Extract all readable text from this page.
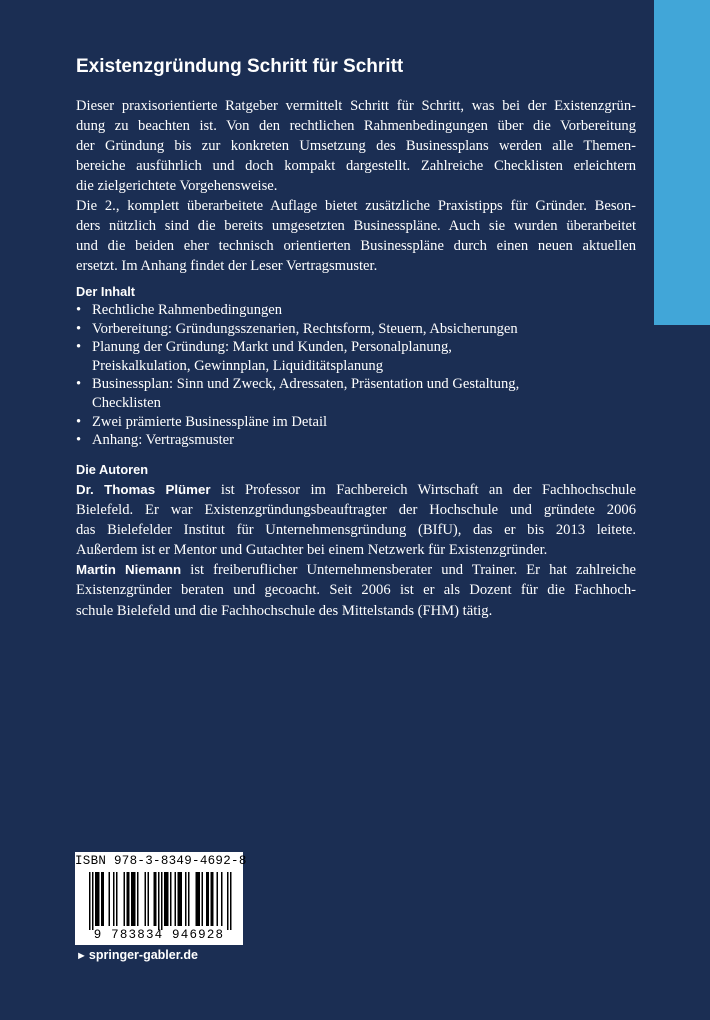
Existenzgründung Schritt für Schritt
Dieser praxisorientierte Ratgeber vermittelt Schritt für Schritt, was bei der Existenzgrün-
dung zu beachten ist. Von den rechtlichen Rahmenbedingungen über die Vorbereitung
der Gründung bis zur konkreten Umsetzung des Businessplans werden alle Themen-
bereiche ausführlich und doch kompakt dargestellt. Zahlreiche Checklisten erleichtern
die zielgerichtete Vorgehensweise.
Die 2., komplett überarbeitete Auflage bietet zusätzliche Praxistipps für Gründer. Beson-
ders nützlich sind die bereits umgesetzten Businesspläne. Auch sie wurden überarbeitet
und die beiden eher technisch orientierten Businesspläne durch einen neuen aktuellen
ersetzt. Im Anhang findet der Leser Vertragsmuster.
Der Inhalt
• Rechtliche Rahmenbedingungen
• Vorbereitung: Gründungsszenarien, Rechtsform, Steuern, Absicherungen
• Planung der Gründung: Markt und Kunden, Personalplanung,
Preiskalkulation, Gewinnplan, Liquiditätsplanung
• Businessplan: Sinn und Zweck, Adressaten, Präsentation und Gestaltung,
Checklisten
• Zwei prämierte Businesspläne im Detail
• Anhang: Vertragsmuster
Die Autoren
Dr. Thomas Plümer ist Professor im Fachbereich Wirtschaft an der Fachhochschule
Bielefeld. Er war Existenzgründungsbeauftragter der Hochschule und gründete 2006
das Bielefelder Institut für Unternehmensgründung (BIfU), das er bis 2013 leitete.
Außerdem ist er Mentor und Gutachter bei einem Netzwerk für Existenzgründer.
Martin Niemann ist freiberuflicher Unternehmensberater und Trainer. Er hat zahlreiche
Existenzgründer beraten und gecoacht. Seit 2006 ist er als Dozent für die Fachhoch-
schule Bielefeld und die Fachhochschule des Mittelstands (FHM) tätig.
ISBN 978-3-8349-4692-8
9 783834 946928
► springer-gabler.de
